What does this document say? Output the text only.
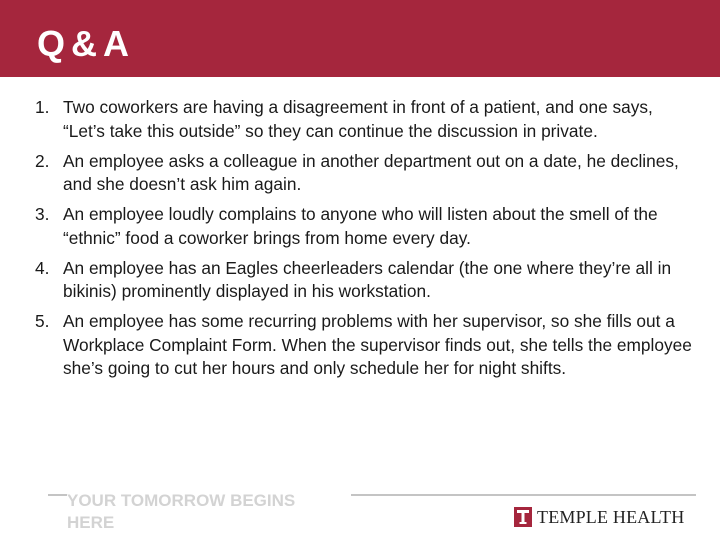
Q&A
1. Two coworkers are having a disagreement in front of a patient, and one says, “Let’s take this outside” so they can continue the discussion in private.
2. An employee asks a colleague in another department out on a date, he declines, and she doesn’t ask him again.
3. An employee loudly complains to anyone who will listen about the smell of the “ethnic” food a coworker brings from home every day.
4. An employee has an Eagles cheerleaders calendar (the one where they’re all in bikinis) prominently displayed in his workstation.
5. An employee has some recurring problems with her supervisor, so she fills out a Workplace Complaint Form. When the supervisor finds out, she tells the employee she’s going to cut her hours and only schedule her for night shifts.
YOUR TOMORROW BEGINS HERE	TEMPLE HEALTH
